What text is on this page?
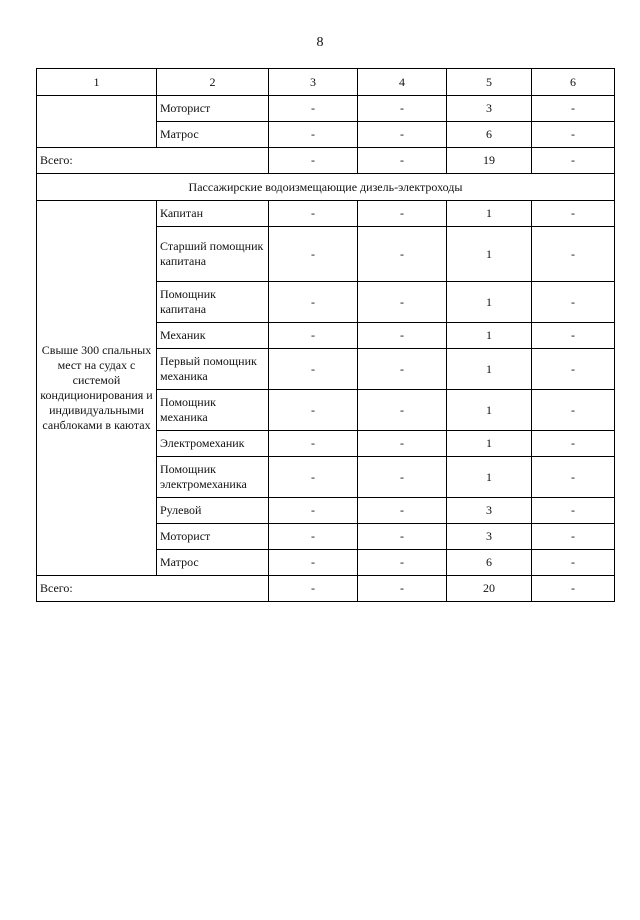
8
1	2	3	4	5	6
	Моторист	-	-	3	-
	Матрос	-	-	6	-
Всего:		-	-	19	-
Пассажирские водоизмещающие дизель-электроходы					
Свыше 300 спальных мест на судах с системой кондиционирования и индивидуальными санблоками в каютах	Капитан	-	-	1	-
	Старший помощник капитана	-	-	1	-
	Помощник капитана	-	-	1	-
	Механик	-	-	1	-
	Первый помощник механика	-	-	1	-
	Помощник механика	-	-	1	-
	Электромеханик	-	-	1	-
	Помощник электромеханика	-	-	1	-
	Рулевой	-	-	3	-
	Моторист	-	-	3	-
	Матрос	-	-	6	-
Всего:		-	-	20	-
